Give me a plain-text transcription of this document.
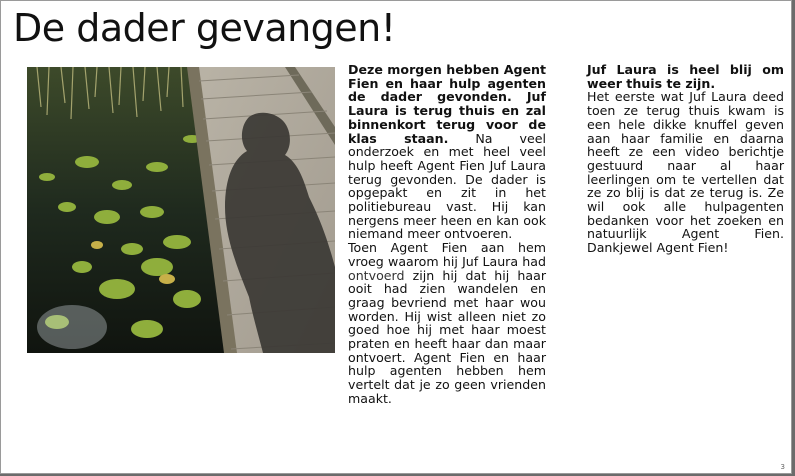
De dader gevangen!

Deze morgen hebben Agent Fien en haar hulp agenten de dader gevonden. Juf Laura is terug thuis en zal binnenkort terug voor de klas staan. Na veel onderzoek en met heel veel hulp heeft Agent Fien Juf Laura terug gevonden. De dader is opgepakt en zit in het politiebureau vast. Hij kan nergens meer heen en kan ook niemand meer ontvoeren.

Toen Agent Fien aan hem vroeg waarom hij Juf Laura had ontvoerd zijn hij dat hij haar ooit had zien wandelen en graag bevriend met haar wou worden. Hij wist alleen niet zo goed hoe hij met haar moest praten en heeft haar dan maar ontvoert. Agent Fien en haar hulp agenten hebben hem vertelt dat je zo geen vrienden maakt.

Juf Laura is heel blij om weer thuis te zijn.

Het eerste wat Juf Laura deed toen ze terug thuis kwam is een hele dikke knuffel geven aan haar familie en daarna heeft ze een video berichtje gestuurd naar al haar leerlingen om te vertellen dat ze zo blij is dat ze terug is. Ze wil ook alle hulpagenten bedanken voor het zoeken en natuurlijk Agent Fien. Dankjewel Agent Fien!

3
